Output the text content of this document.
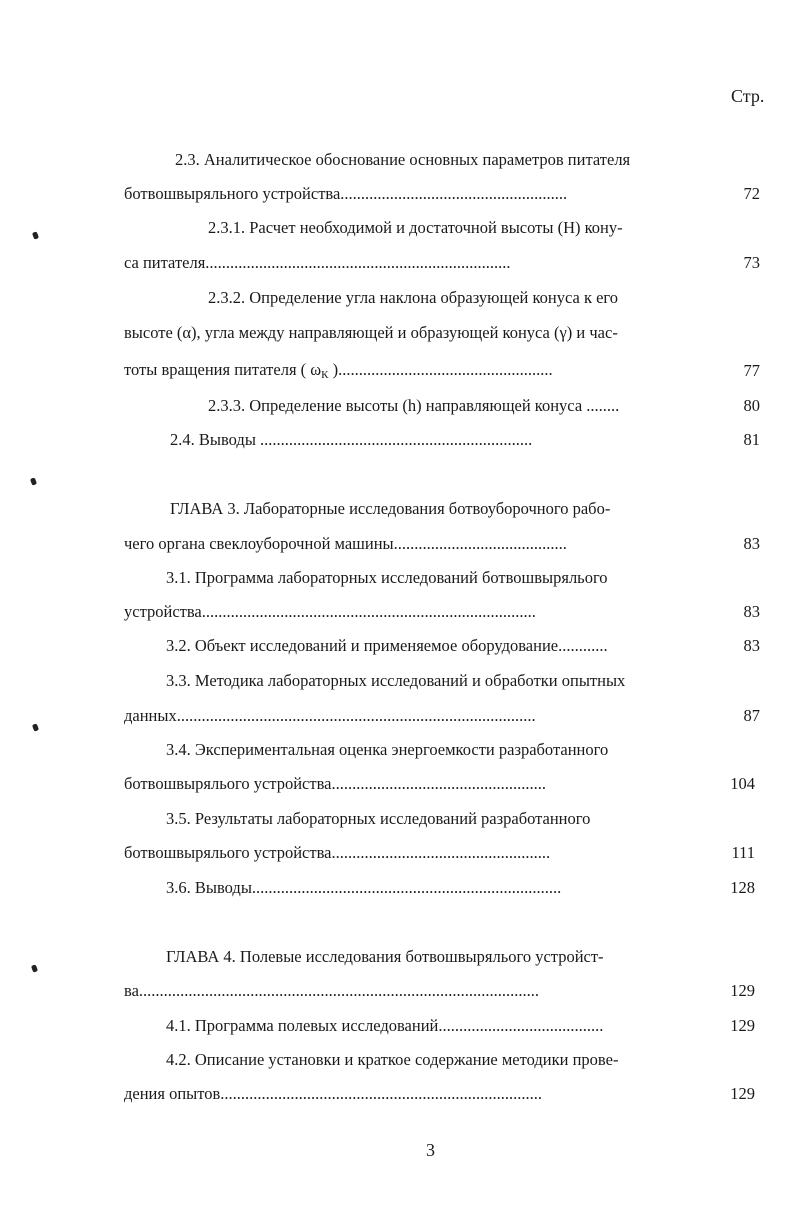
Стр.
2.3. Аналитическое обоснование основных параметров питателя
ботвошвыряльного устройства.......................................................	72
2.3.1. Расчет необходимой и достаточной высоты (Н) кону-
са питателя..........................................................................	73
2.3.2. Определение угла наклона образующей конуса к его
высоте (α), угла между направляющей и образующей конуса (γ) и час-
тоты вращения питателя ( $\omega_К$ )....................................................	77
2.3.3. Определение высоты (h) направляющей конуса ........	80
2.4. Выводы ..................................................................	81
ГЛАВА 3. Лабораторные исследования ботвоуборочного рабо-
чего органа свеклоуборочной машины..........................................	83
3.1. Программа лабораторных исследований ботвошвырялього
устройства.................................................................................	83
3.2. Объект исследований и применяемое оборудование............	83
3.3. Методика лабораторных исследований и обработки опытных
данных.......................................................................................	87
3.4. Экспериментальная оценка энергоемкости разработанного
ботвошвырялього устройства....................................................	104
3.5. Результаты лабораторных исследований разработанного
ботвошвырялього устройства.....................................................	111
3.6. Выводы...........................................................................	128
ГЛАВА 4. Полевые исследования ботвошвырялього устройст-
ва.................................................................................................	129
4.1. Программа полевых исследований........................................	129
4.2. Описание установки и краткое содержание методики прове-
дения опытов..............................................................................	129
3
